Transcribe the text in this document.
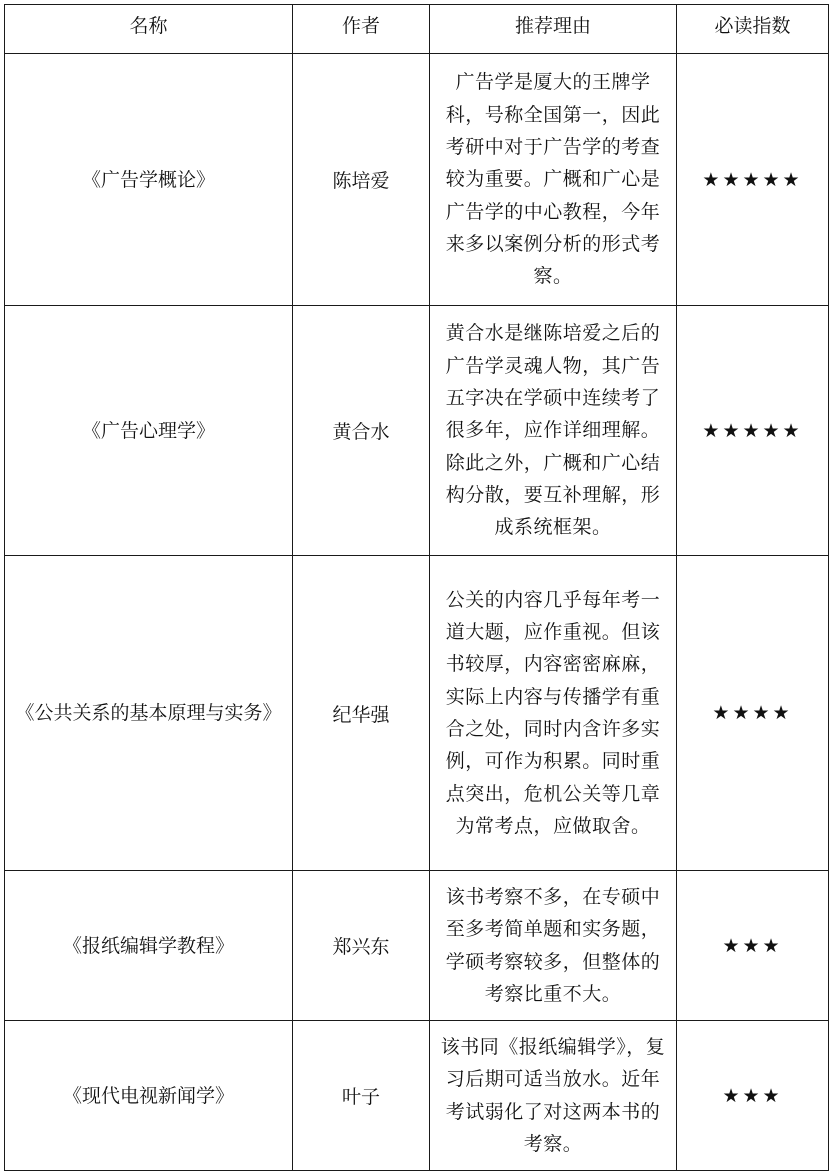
名称	作者	推荐理由	必读指数
《广告学概论》	陈培爱	广告学是厦大的王牌学科，号称全国第一，因此考研中对于广告学的考查较为重要。广概和广心是广告学的中心教程，今年来多以案例分析的形式考察。	★★★★★
《广告心理学》	黄合水	黄合水是继陈培爱之后的广告学灵魂人物，其广告五字决在学硕中连续考了很多年，应作详细理解。除此之外，广概和广心结构分散，要互补理解，形成系统框架。	★★★★★
《公共关系的基本原理与实务》	纪华强	公关的内容几乎每年考一道大题，应作重视。但该书较厚，内容密密麻麻，实际上内容与传播学有重合之处，同时内含许多实例，可作为积累。同时重点突出，危机公关等几章为常考点，应做取舍。	★★★★
《报纸编辑学教程》	郑兴东	该书考察不多，在专硕中至多考简单题和实务题，学硕考察较多，但整体的考察比重不大。	★★★
《现代电视新闻学》	叶子	该书同《报纸编辑学》，复习后期可适当放水。近年考试弱化了对这两本书的考察。	★★★
